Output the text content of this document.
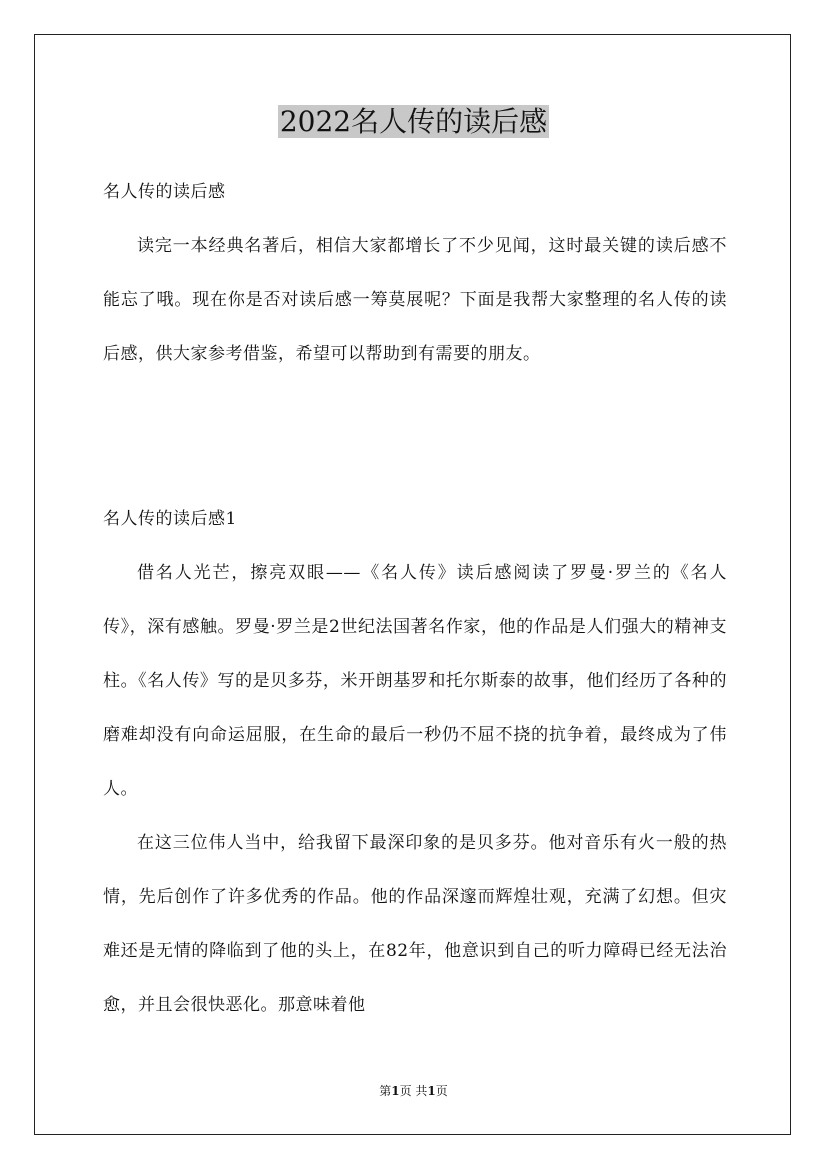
2022名人传的读后感

名人传的读后感

读完一本经典名著后，相信大家都增长了不少见闻，这时最关键的读后感不能忘了哦。现在你是否对读后感一筹莫展呢？下面是我帮大家整理的名人传的读后感，供大家参考借鉴，希望可以帮助到有需要的朋友。

名人传的读后感1

借名人光芒，擦亮双眼——《名人传》读后感阅读了罗曼·罗兰的《名人传》，深有感触。罗曼·罗兰是2世纪法国著名作家，他的作品是人们强大的精神支柱。《名人传》写的是贝多芬，米开朗基罗和托尔斯泰的故事，他们经历了各种的磨难却没有向命运屈服，在生命的最后一秒仍不屈不挠的抗争着，最终成为了伟人。

在这三位伟人当中，给我留下最深印象的是贝多芬。他对音乐有火一般的热情，先后创作了许多优秀的作品。他的作品深邃而辉煌壮观，充满了幻想。但灾难还是无情的降临到了他的头上，在82年，他意识到自己的听力障碍已经无法治愈，并且会很快恶化。那意味着他

第1页 共1页
